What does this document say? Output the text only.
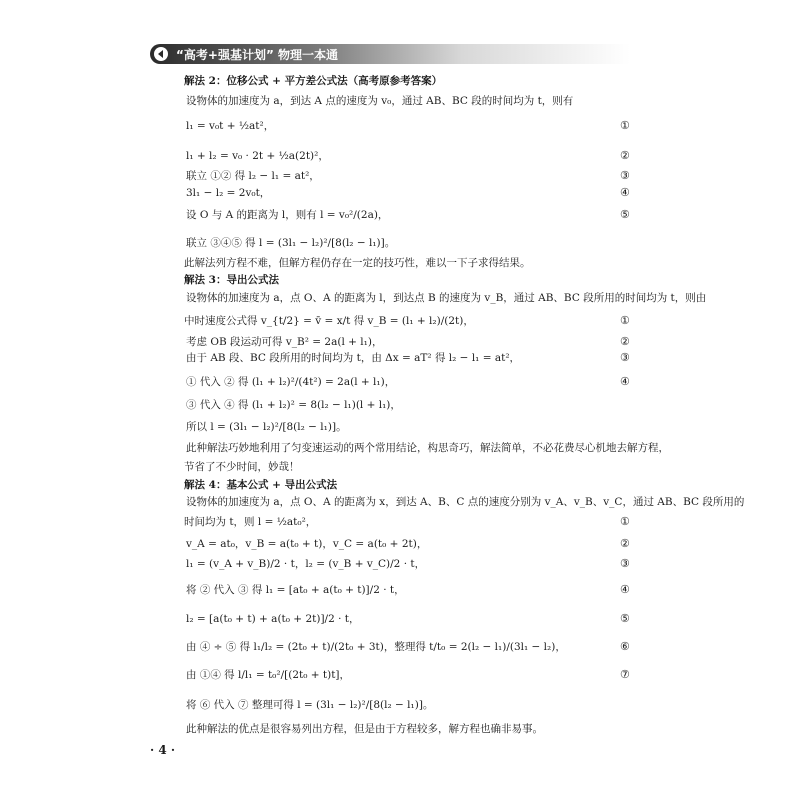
“高考+强基计划” 物理一本通
解法 2：位移公式 + 平方差公式法（高考原参考答案）
设物体的加速度为 a，到达 A 点的速度为 v₀，通过 AB、BC 段的时间均为 t，则有
l₁ = v₀t + ½at²，	①
l₁ + l₂ = v₀ · 2t + ½a(2t)²，	②
联立 ①② 得 l₂ − l₁ = at²，	③
3l₁ − l₂ = 2v₀t，	④
设 O 与 A 的距离为 l，则有 l = v₀²/(2a)，	⑤
联立 ③④⑤ 得 l = (3l₁ − l₂)²/[8(l₂ − l₁)]。
此解法列方程不难，但解方程仍存在一定的技巧性，难以一下子求得结果。
解法 3：导出公式法
设物体的加速度为 a，点 O、A 的距离为 l，到达点 B 的速度为 v_B，通过 AB、BC 段所用的时间均为 t，则由
中时速度公式得 v_{t/2} = v̄ = x/t 得 v_B = (l₁ + l₂)/(2t)，	①
考虑 OB 段运动可得 v_B² = 2a(l + l₁)，	②
由于 AB 段、BC 段所用的时间均为 t，由 Δx = aT² 得 l₂ − l₁ = at²，	③
① 代入 ② 得 (l₁ + l₂)²/(4t²) = 2a(l + l₁)，	④
③ 代入 ④ 得 (l₁ + l₂)² = 8(l₂ − l₁)(l + l₁)，
所以 l = (3l₁ − l₂)²/[8(l₂ − l₁)]。
此种解法巧妙地利用了匀变速运动的两个常用结论，构思奇巧，解法简单，不必花费尽心机地去解方程，
节省了不少时间，妙哉！
解法 4：基本公式 + 导出公式法
设物体的加速度为 a，点 O、A 的距离为 x，到达 A、B、C 点的速度分别为 v_A、v_B、v_C，通过 AB、BC 段所用的
时间均为 t，则 l = ½at₀²，	①
v_A = at₀，v_B = a(t₀ + t)，v_C = a(t₀ + 2t)，	②
l₁ = (v_A + v_B)/2 · t，l₂ = (v_B + v_C)/2 · t，	③
将 ② 代入 ③ 得 l₁ = [at₀ + a(t₀ + t)]/2 · t，	④
l₂ = [a(t₀ + t) + a(t₀ + 2t)]/2 · t，	⑤
由 ④ ÷ ⑤ 得 l₁/l₂ = (2t₀ + t)/(2t₀ + 3t)，整理得 t/t₀ = 2(l₂ − l₁)/(3l₁ − l₂)，	⑥
由 ①④ 得 l/l₁ = t₀²/[(2t₀ + t)t]，	⑦
将 ⑥ 代入 ⑦ 整理可得 l = (3l₁ − l₂)²/[8(l₂ − l₁)]。
此种解法的优点是很容易列出方程，但是由于方程较多，解方程也确非易事。
· 4 ·
